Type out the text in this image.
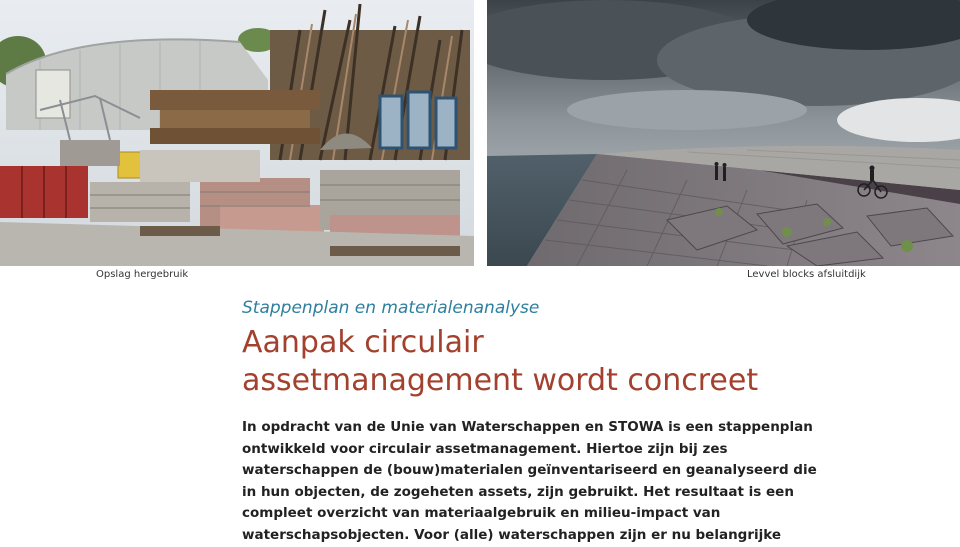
Opslag hergebruik	Levvel blocks afsluitdijk
Stappenplan en materialenanalyse
Aanpak circulair
assetmanagement wordt concreet
In opdracht van de Unie van Waterschappen en STOWA is een stappenplan
ontwikkeld voor circulair assetmanagement. Hiertoe zijn bij zes
waterschappen de (bouw)materialen geïnventariseerd en geanalyseerd die
in hun objecten, de zogeheten assets, zijn gebruikt. Het resultaat is een
compleet overzicht van materiaalgebruik en milieu-impact van
waterschapsobjecten. Voor (alle) waterschappen zijn er nu belangrijke
